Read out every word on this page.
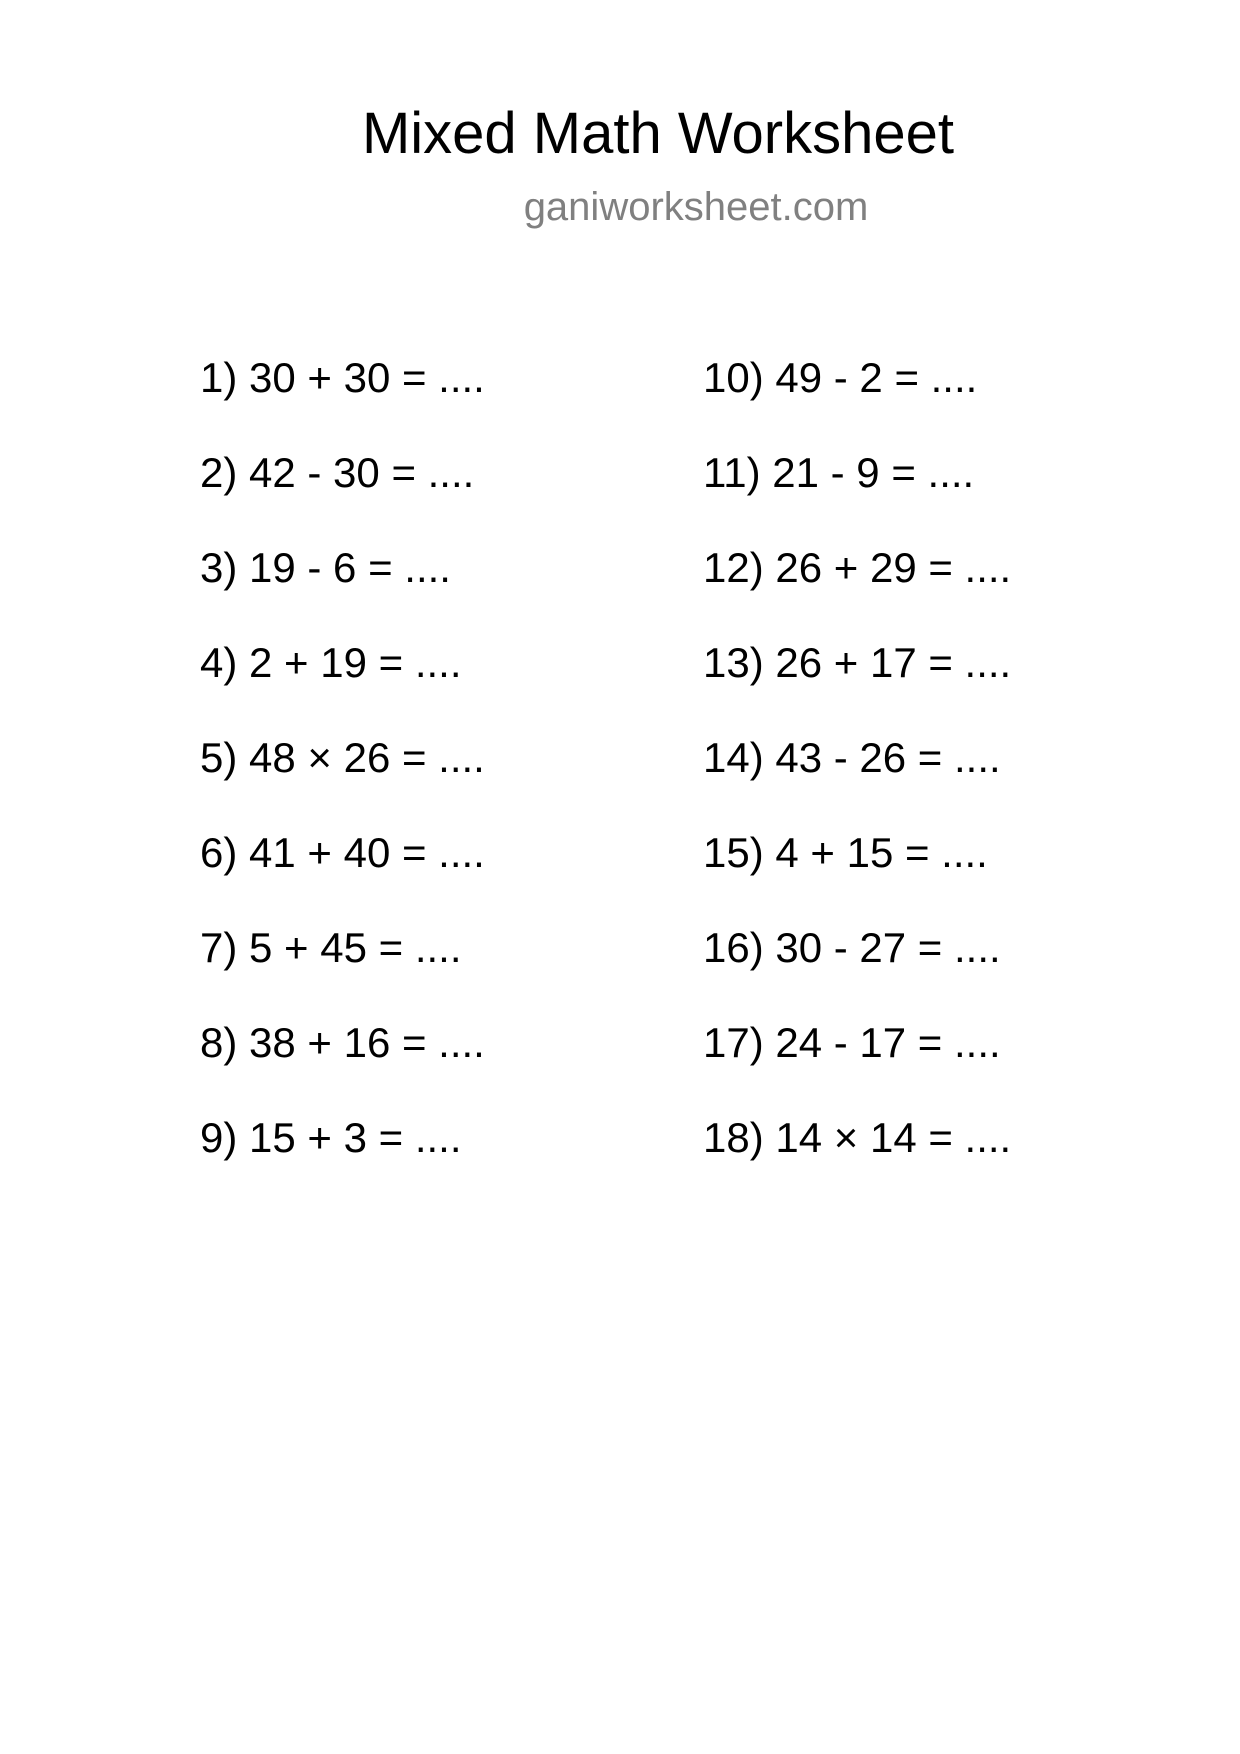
Mixed Math Worksheet
ganiworksheet.com
1) 30 + 30 = ....
2) 42 - 30 = ....
3) 19 - 6 = ....
4) 2 + 19 = ....
5) 48 × 26 = ....
6) 41 + 40 = ....
7) 5 + 45 = ....
8) 38 + 16 = ....
9) 15 + 3 = ....
10) 49 - 2 = ....
11) 21 - 9 = ....
12) 26 + 29 = ....
13) 26 + 17 = ....
14) 43 - 26 = ....
15) 4 + 15 = ....
16) 30 - 27 = ....
17) 24 - 17 = ....
18) 14 × 14 = ....
